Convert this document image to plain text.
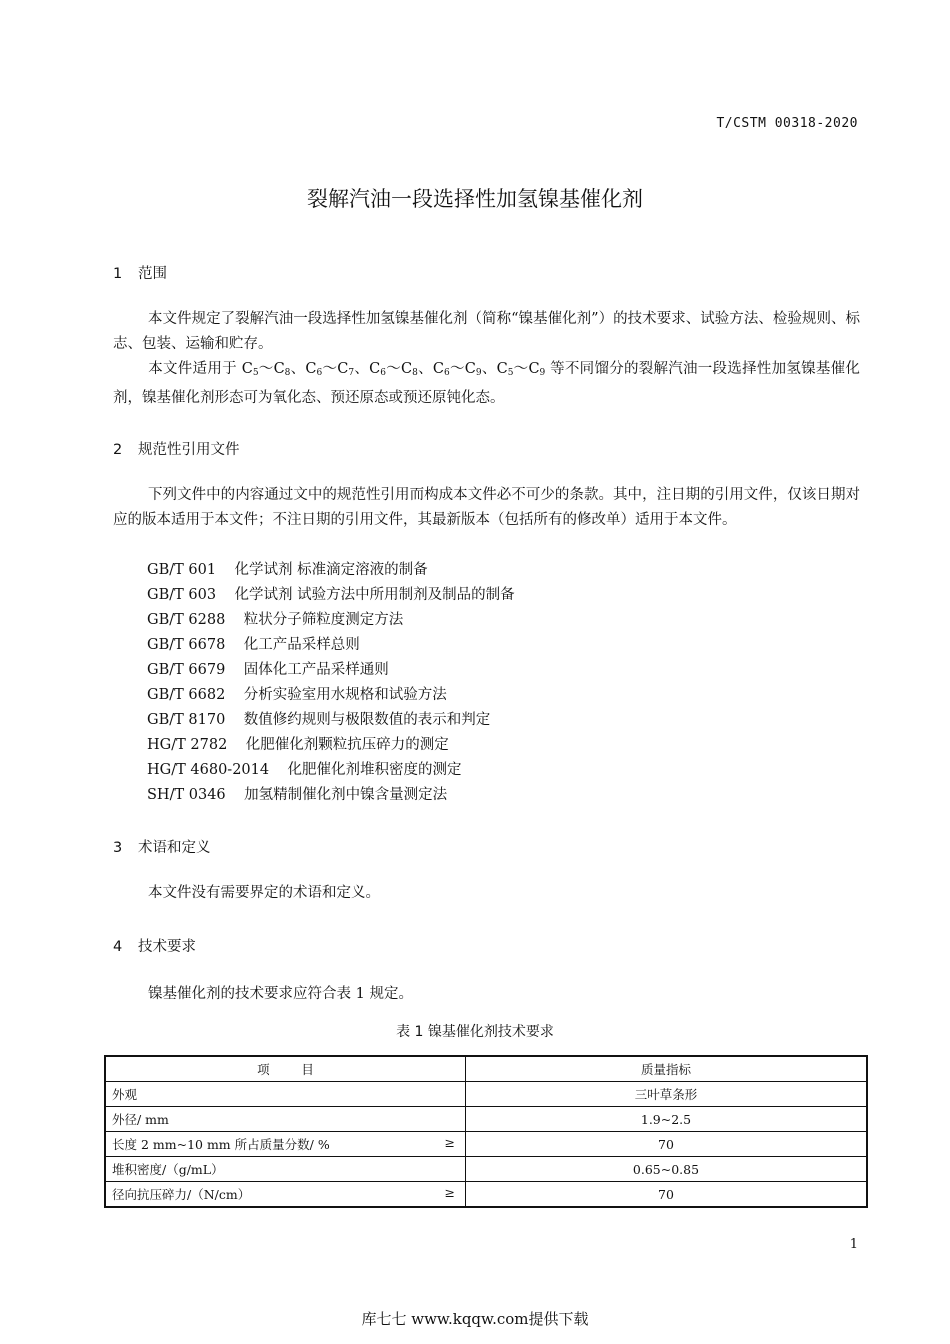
T/CSTM 00318-2020
裂解汽油一段选择性加氢镍基催化剂
1 范围

本文件规定了裂解汽油一段选择性加氢镍基催化剂（简称“镍基催化剂”）的技术要求、试验方法、检验规则、标志、包装、运输和贮存。

本文件适用于 $C_5\sim C_8$、$C_6\sim C_7$、$C_6\sim C_8$、$C_6\sim C_9$、$C_5\sim C_9$ 等不同馏分的裂解汽油一段选择性加氢镍基催化剂，镍基催化剂形态可为氧化态、预还原态或预还原钝化态。

2 规范性引用文件

下列文件中的内容通过文中的规范性引用而构成本文件必不可少的条款。其中，注日期的引用文件，仅该日期对应的版本适用于本文件；不注日期的引用文件，其最新版本（包括所有的修改单）适用于本文件。

GB/T 601 化学试剂 标准滴定溶液的制备
GB/T 603 化学试剂 试验方法中所用制剂及制品的制备
GB/T 6288 粒状分子筛粒度测定方法
GB/T 6678 化工产品采样总则
GB/T 6679 固体化工产品采样通则
GB/T 6682 分析实验室用水规格和试验方法
GB/T 8170 数值修约规则与极限数值的表示和判定
HG/T 2782 化肥催化剂颗粒抗压碎力的测定
HG/T 4680-2014 化肥催化剂堆积密度的测定
SH/T 0346 加氢精制催化剂中镍含量测定法
3 术语和定义

本文件没有需要界定的术语和定义。

4 技术要求

镍基催化剂的技术要求应符合表 1 规定。

表 1 镍基催化剂技术要求
项        目	质量指标
外观	三叶草条形
外径/ mm	1.9~2.5
长度 2 mm~10 mm 所占质量分数/ % ≥	70
堆积密度/（g/mL）	0.65~0.85
径向抗压碎力/（N/cm） ≥	70
1
库七七 www.kqqw.com提供下载
